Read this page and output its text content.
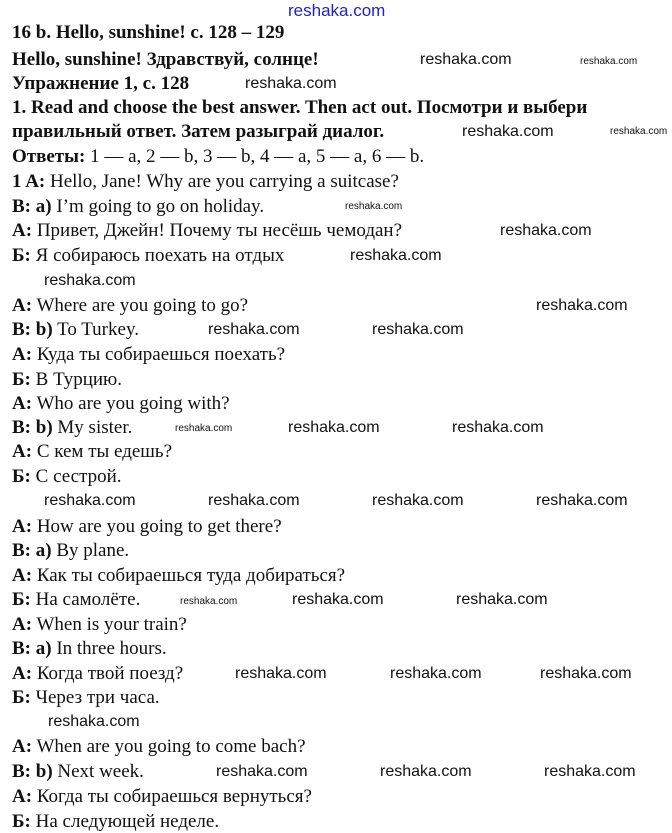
reshaka.com
16 b. Hello, sunshine! с. 128 – 129
Hello, sunshine! Здравствуй, солнце!
Упражнение 1, с. 128
1. Read and choose the best answer. Then act out. Посмотри и выбери
правильный ответ. Затем разыграй диалог.
Ответы: 1 — a, 2 — b, 3 — b, 4 — a, 5 — a, 6 — b.
1 A: Hello, Jane! Why are you carrying a suitcase?
B: a) I’m going to go on holiday.
А: Привет, Джейн! Почему ты несёшь чемодан?
Б: Я собираюсь поехать на отдых
A: Where are you going to go?
B: b) To Turkey.
А: Куда ты собираешься поехать?
Б: В Турцию.
A: Who are you going with?
B: b) My sister.
А: С кем ты едешь?
Б: С сестрой.
A: How are you going to get there?
B: a) By plane.
А: Как ты собираешься туда добираться?
Б: На самолёте.
A: When is your train?
B: a) In three hours.
А: Когда твой поезд?
Б: Через три часа.
A: When are you going to come bach?
B: b) Next week.
А: Когда ты собираешься вернуться?
Б: На следующей неделе.
reshaka.com	reshaka.com
reshaka.com
reshaka.com
reshaka.com
reshaka.com
reshaka.com
reshaka.com
reshaka.com
reshaka.com
reshaka.com	reshaka.com
reshaka.com	reshaka.com	reshaka.com
reshaka.com	reshaka.com	reshaka.com	reshaka.com
reshaka.com	reshaka.com	reshaka.com
reshaka.com	reshaka.com	reshaka.com
reshaka.com
reshaka.com	reshaka.com	reshaka.com
